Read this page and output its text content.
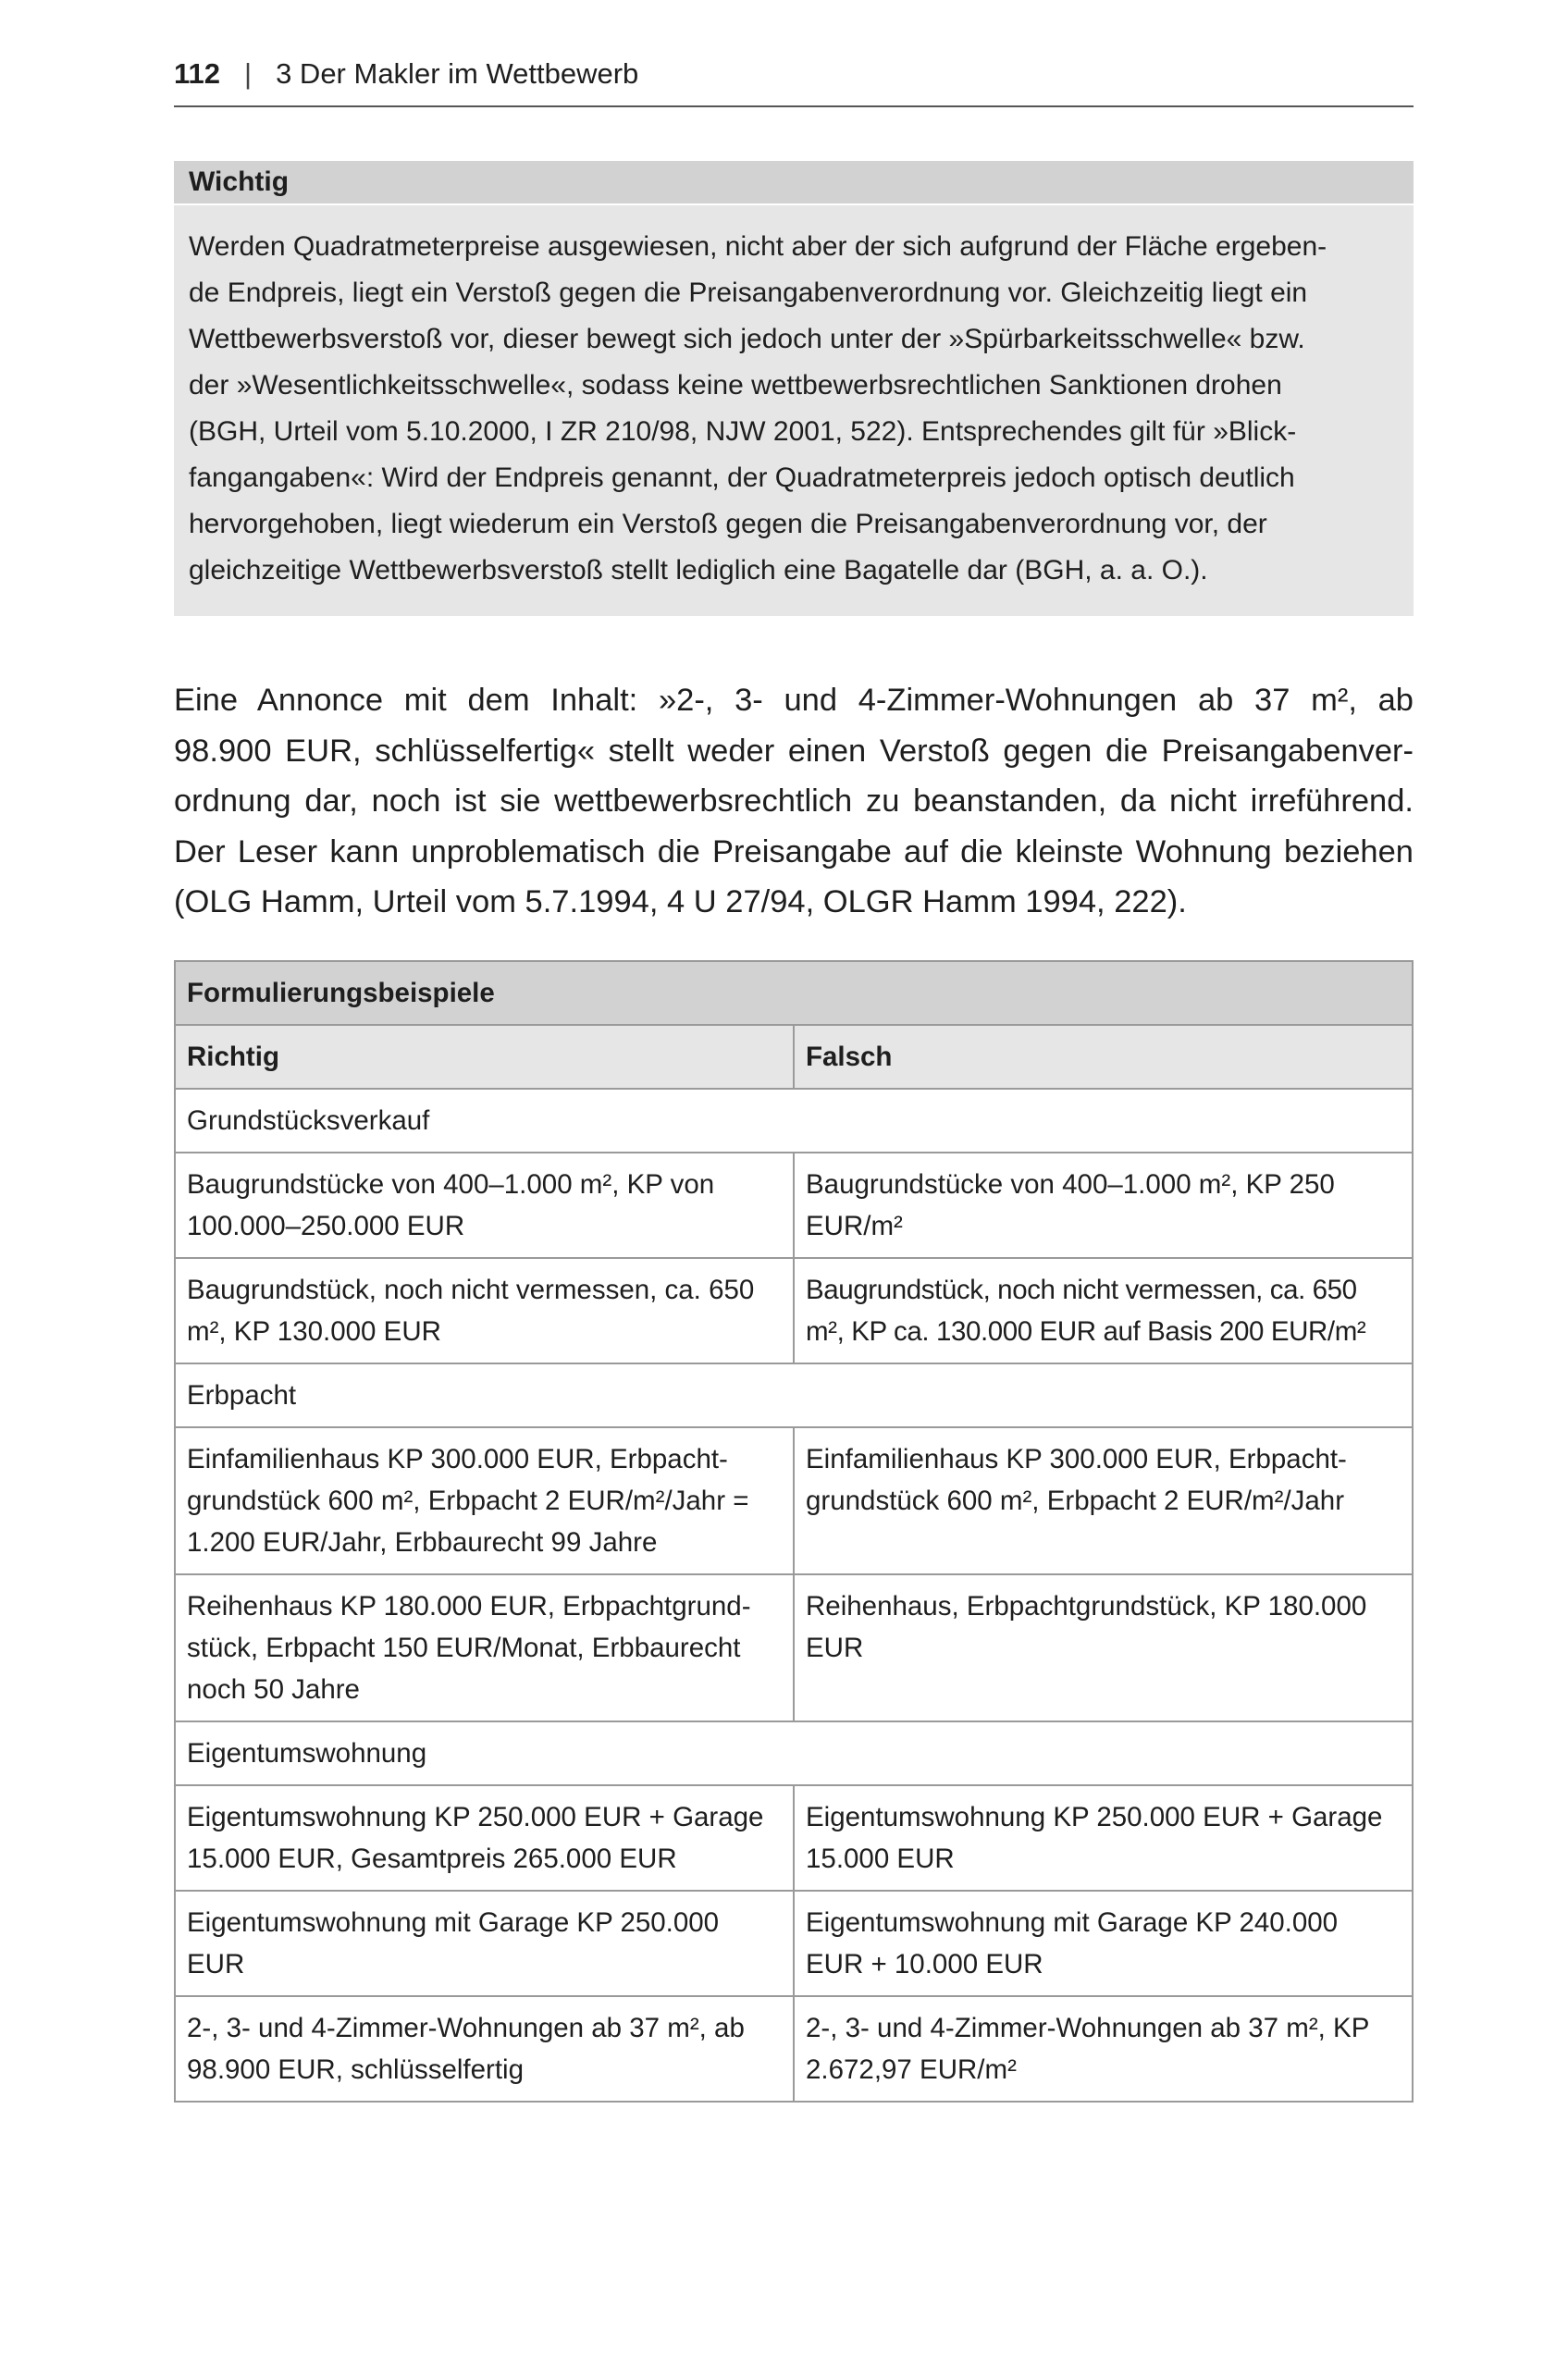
112 | 3 Der Makler im Wettbewerb
Wichtig
Werden Quadratmeterpreise ausgewiesen, nicht aber der sich aufgrund der Fläche ergeben-
de Endpreis, liegt ein Verstoß gegen die Preisangabenverordnung vor. Gleichzeitig liegt ein
Wettbewerbsverstoß vor, dieser bewegt sich jedoch unter der »Spürbarkeitsschwelle« bzw.
der »Wesentlichkeitsschwelle«, sodass keine wettbewerbsrechtlichen Sanktionen drohen
(BGH, Urteil vom 5.10.2000, I ZR 210/98, NJW 2001, 522). Entsprechendes gilt für »Blick-
fangangaben«: Wird der Endpreis genannt, der Quadratmeterpreis jedoch optisch deutlich
hervorgehoben, liegt wiederum ein Verstoß gegen die Preisangabenverordnung vor, der
gleichzeitige Wettbewerbsverstoß stellt lediglich eine Bagatelle dar (BGH, a. a. O.).
Eine Annonce mit dem Inhalt: »2-, 3- und 4-Zimmer-Wohnungen ab 37 m², ab
98.900 EUR, schlüsselfertig« stellt weder einen Verstoß gegen die Preisangabenver-
ordnung dar, noch ist sie wettbewerbsrechtlich zu beanstanden, da nicht irreführend.
Der Leser kann unproblematisch die Preisangabe auf die kleinste Wohnung beziehen
(OLG Hamm, Urteil vom 5.7.1994, 4 U 27/94, OLGR Hamm 1994, 222).
Formulierungsbeispiele	
Richtig	Falsch
Grundstücksverkauf	
Baugrundstücke von 400–1.000 m², KP von 100.000–250.000 EUR	Baugrundstücke von 400–1.000 m², KP 250 EUR/m²
Baugrundstück, noch nicht vermessen, ca. 650 m², KP 130.000 EUR	Baugrundstück, noch nicht vermessen, ca. 650 m², KP ca. 130.000 EUR auf Basis 200 EUR/m²
Erbpacht	
Einfamilienhaus KP 300.000 EUR, Erbpacht- grundstück 600 m², Erbpacht 2 EUR/m²/Jahr = 1.200 EUR/Jahr, Erbbaurecht 99 Jahre	Einfamilienhaus KP 300.000 EUR, Erbpacht- grundstück 600 m², Erbpacht 2 EUR/m²/Jahr
Reihenhaus KP 180.000 EUR, Erbpachtgrund- stück, Erbpacht 150 EUR/Monat, Erbbaurecht noch 50 Jahre	Reihenhaus, Erbpachtgrundstück, KP 180.000 EUR
Eigentumswohnung	
Eigentumswohnung KP 250.000 EUR + Garage 15.000 EUR, Gesamtpreis 265.000 EUR	Eigentumswohnung KP 250.000 EUR + Garage 15.000 EUR
Eigentumswohnung mit Garage KP 250.000 EUR	Eigentumswohnung mit Garage KP 240.000 EUR + 10.000 EUR
2-, 3- und 4-Zimmer-Wohnungen ab 37 m², ab 98.900 EUR, schlüsselfertig	2-, 3- und 4-Zimmer-Wohnungen ab 37 m², KP 2.672,97 EUR/m²
